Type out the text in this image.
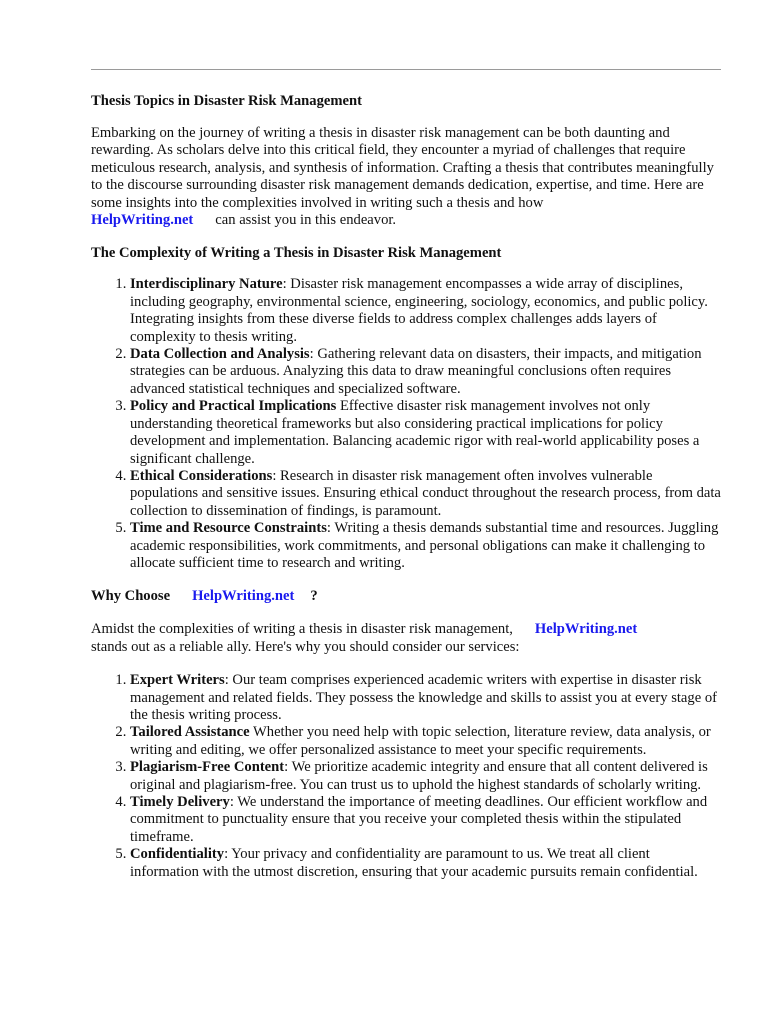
Thesis Topics in Disaster Risk Management

Embarking on the journey of writing a thesis in disaster risk management can be both daunting and rewarding. As scholars delve into this critical field, they encounter a myriad of challenges that require meticulous research, analysis, and synthesis of information. Crafting a thesis that contributes meaningfully to the discourse surrounding disaster risk management demands dedication, expertise, and time. Here are some insights into the complexities involved in writing such a thesis and how
HelpWriting.net can assist you in this endeavor.

The Complexity of Writing a Thesis in Disaster Risk Management
1. Interdisciplinary Nature: Disaster risk management encompasses a wide array of disciplines, including geography, environmental science, engineering, sociology, economics, and public policy. Integrating insights from these diverse fields to address complex challenges adds layers of complexity to thesis writing.
2. Data Collection and Analysis: Gathering relevant data on disasters, their impacts, and mitigation strategies can be arduous. Analyzing this data to draw meaningful conclusions often requires advanced statistical techniques and specialized software.
3. Policy and Practical Implications Effective disaster risk management involves not only understanding theoretical frameworks but also considering practical implications for policy development and implementation. Balancing academic rigor with real-world applicability poses a significant challenge.
4. Ethical Considerations: Research in disaster risk management often involves vulnerable populations and sensitive issues. Ensuring ethical conduct throughout the research process, from data collection to dissemination of findings, is paramount.
5. Time and Resource Constraints: Writing a thesis demands substantial time and resources. Juggling academic responsibilities, work commitments, and personal obligations can make it challenging to allocate sufficient time to research and writing.
Why Choose HelpWriting.net ?

Amidst the complexities of writing a thesis in disaster risk management, HelpWriting.net
stands out as a reliable ally. Here's why you should consider our services:

1. Expert Writers: Our team comprises experienced academic writers with expertise in disaster risk management and related fields. They possess the knowledge and skills to assist you at every stage of the thesis writing process.
2. Tailored Assistance Whether you need help with topic selection, literature review, data analysis, or writing and editing, we offer personalized assistance to meet your specific requirements.
3. Plagiarism-Free Content: We prioritize academic integrity and ensure that all content delivered is original and plagiarism-free. You can trust us to uphold the highest standards of scholarly writing.
4. Timely Delivery: We understand the importance of meeting deadlines. Our efficient workflow and commitment to punctuality ensure that you receive your completed thesis within the stipulated timeframe.
5. Confidentiality: Your privacy and confidentiality are paramount to us. We treat all client information with the utmost discretion, ensuring that your academic pursuits remain confidential.
